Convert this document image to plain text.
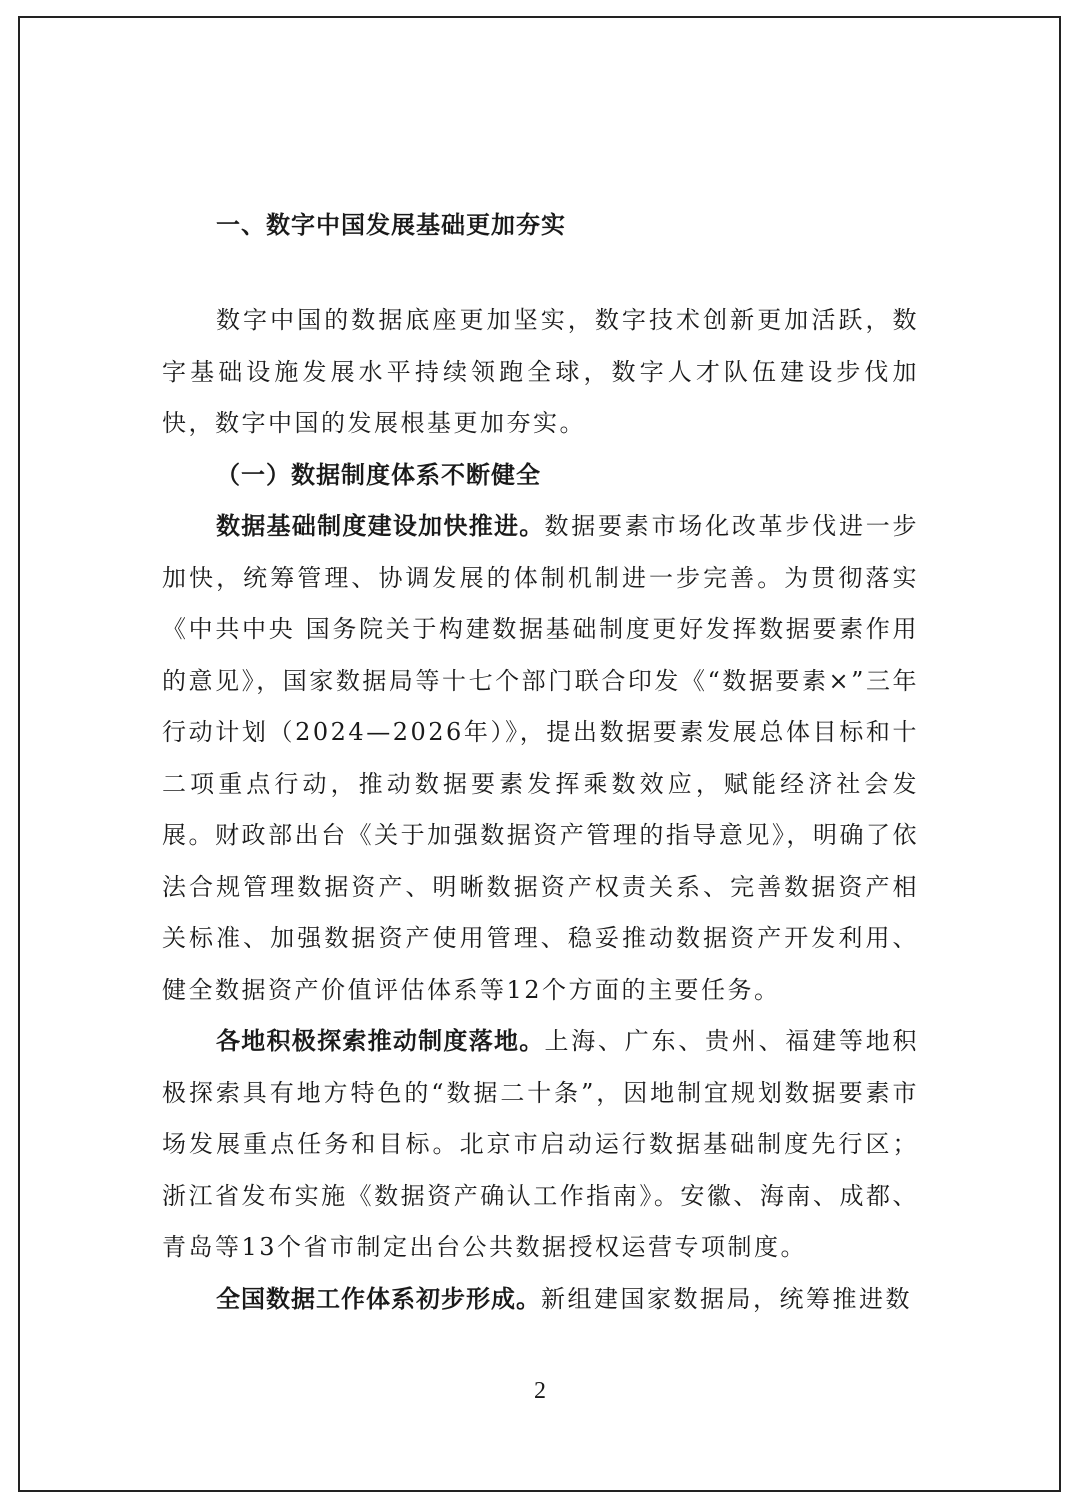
一、数字中国发展基础更加夯实

数字中国的数据底座更加坚实，数字技术创新更加活跃，数字基础设施发展水平持续领跑全球，数字人才队伍建设步伐加快，数字中国的发展根基更加夯实。

（一）数据制度体系不断健全

数据基础制度建设加快推进。数据要素市场化改革步伐进一步加快，统筹管理、协调发展的体制机制进一步完善。为贯彻落实《中共中央 国务院关于构建数据基础制度更好发挥数据要素作用的意见》，国家数据局等十七个部门联合印发《“数据要素×”三年行动计划（2024—2026年）》，提出数据要素发展总体目标和十二项重点行动，推动数据要素发挥乘数效应，赋能经济社会发展。财政部出台《关于加强数据资产管理的指导意见》，明确了依法合规管理数据资产、明晰数据资产权责关系、完善数据资产相关标准、加强数据资产使用管理、稳妥推动数据资产开发利用、健全数据资产价值评估体系等12个方面的主要任务。

各地积极探索推动制度落地。上海、广东、贵州、福建等地积极探索具有地方特色的“数据二十条”，因地制宜规划数据要素市场发展重点任务和目标。北京市启动运行数据基础制度先行区；浙江省发布实施《数据资产确认工作指南》。安徽、海南、成都、青岛等13个省市制定出台公共数据授权运营专项制度。

全国数据工作体系初步形成。新组建国家数据局，统筹推进数

2
